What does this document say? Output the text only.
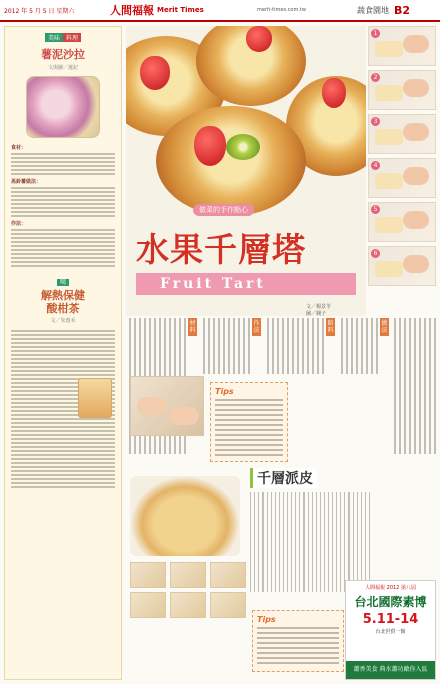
2012 年 5 月 5 日 星期六	人間福報 Merit Times	merit-times.com.tw	蔬食園地 B2
美味	料理
薯泥沙拉
文與圖／蓮妃
食材：
馬鈴薯做法：
作法：
喝
解熱保健
酸柑茶
文／朱惠禾
做菜的手作點心
水果千層塔
Fruit Tart
文／楊景苓
圖／翱子
1
2
3
4
5
6
材料
作法
餡料
做法
Tips
千層派皮
Tips
人間福報 2012 第八屆
台北國際素博
5.11-14
台北世貿一館
蕭香美食 典水蕭功敵你入區
